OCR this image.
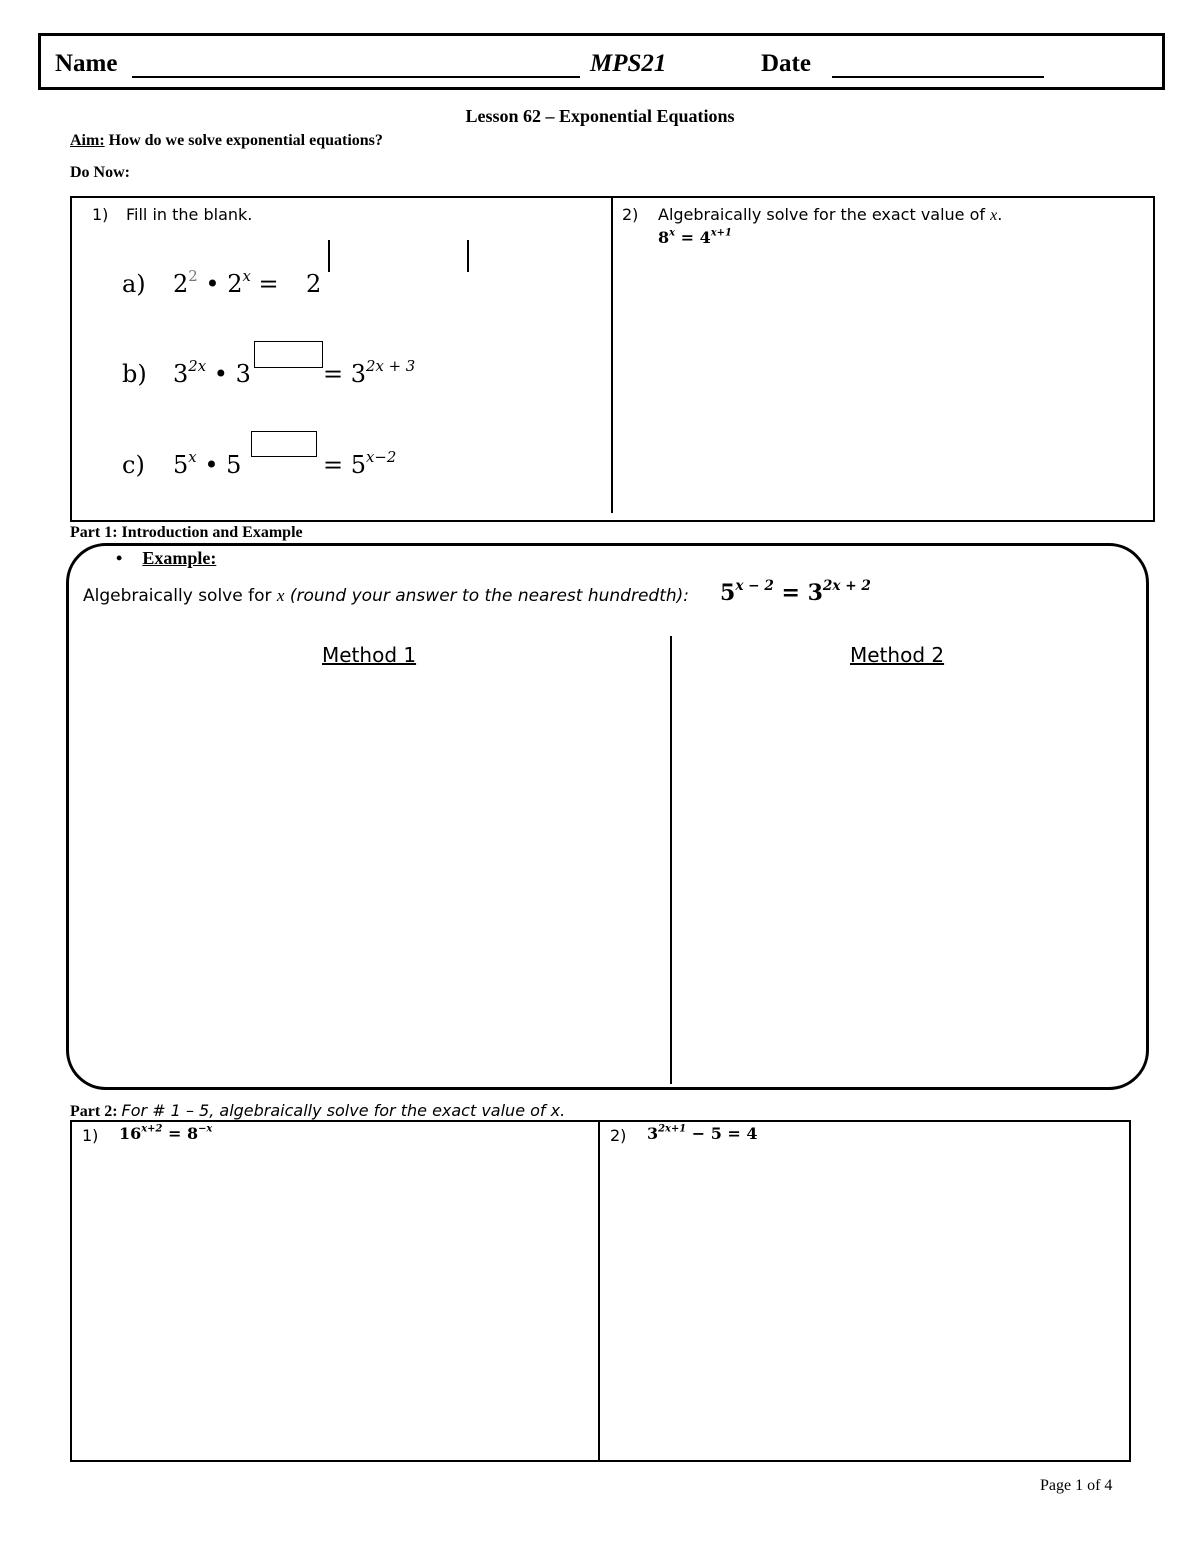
Name	MPS21	Date
Lesson 62 – Exponential Equations
Aim: How do we solve exponential equations?
Do Now:
1) Fill in the blank.
a) $2^2$ • $2^x = 2$
b) $3^{2x}$ • 3	= $3^{2x + 3}$
c) 5$^x$ • 5	= $5^{x-2}$
2) Algebraically solve for the exact value of x.
$8^x = 4^{x+1}$
Part 1: Introduction and Example
• Example:
Algebraically solve for x (round your answer to the nearest hundredth): $5^{x - 2} = 3^{2x + 2}$
Method 1	Method 2
Part 2: For # 1 – 5, algebraically solve for the exact value of x.
1) $16^{x+2} = 8^{-x}$	2) $3^{2x+1} - 5 = 4$
Page 1 of 4
